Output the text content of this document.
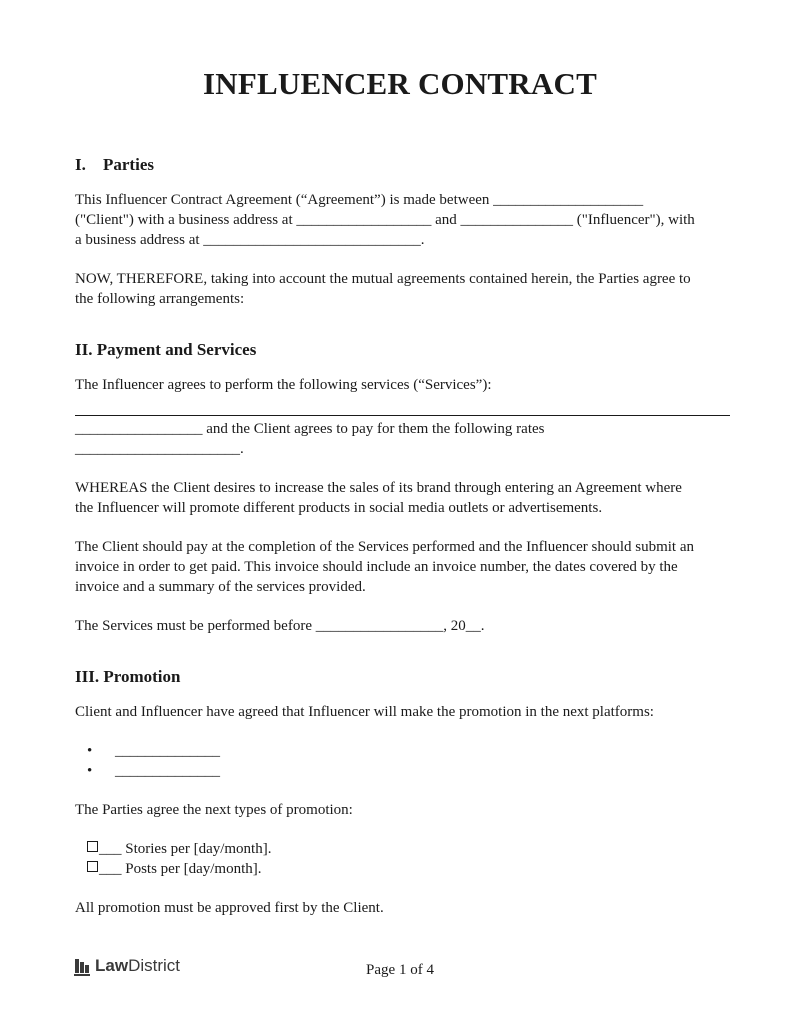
INFLUENCER CONTRACT
I. Parties

This Influencer Contract Agreement (“Agreement”) is made between ____________________
("Client") with a business address at __________________ and _______________ ("Influencer"), with
a business address at _____________________________.

NOW, THEREFORE, taking into account the mutual agreements contained herein, the Parties agree to
the following arrangements:

II. Payment and Services

The Influencer agrees to perform the following services (“Services”):

_________________ and the Client agrees to pay for them the following rates
______________________.

WHEREAS the Client desires to increase the sales of its brand through entering an Agreement where
the Influencer will promote different products in social media outlets or advertisements.

The Client should pay at the completion of the Services performed and the Influencer should submit an
invoice in order to get paid. This invoice should include an invoice number, the dates covered by the
invoice and a summary of the services provided.

The Services must be performed before _________________, 20__.

III. Promotion

Client and Influencer have agreed that Influencer will make the promotion in the next platforms:

• ______________
• ______________

The Parties agree the next types of promotion:

___ Stories per [day/month].
___ Posts per [day/month].

All promotion must be approved first by the Client.

Law District	Page 1 of 4
